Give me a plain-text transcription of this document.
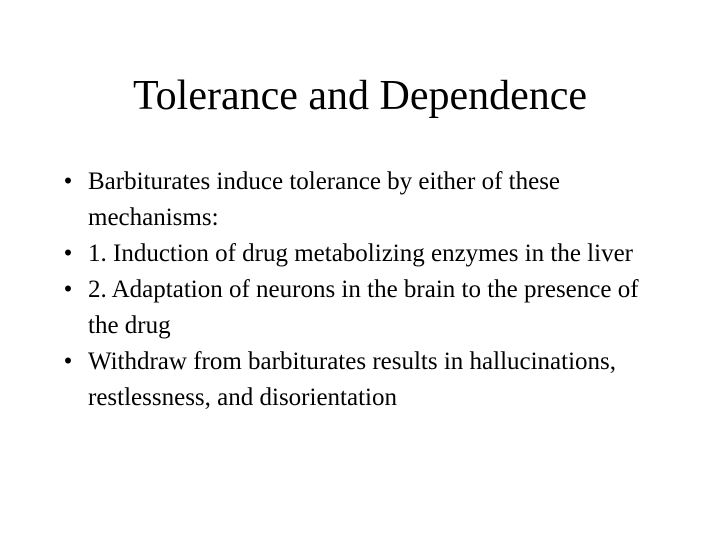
Tolerance and Dependence
• Barbiturates induce tolerance by either of these mechanisms:
• 1. Induction of drug metabolizing enzymes in the liver
• 2. Adaptation of neurons in the brain to the presence of the drug
• Withdraw from barbiturates results in hallucinations, restlessness, and disorientation
